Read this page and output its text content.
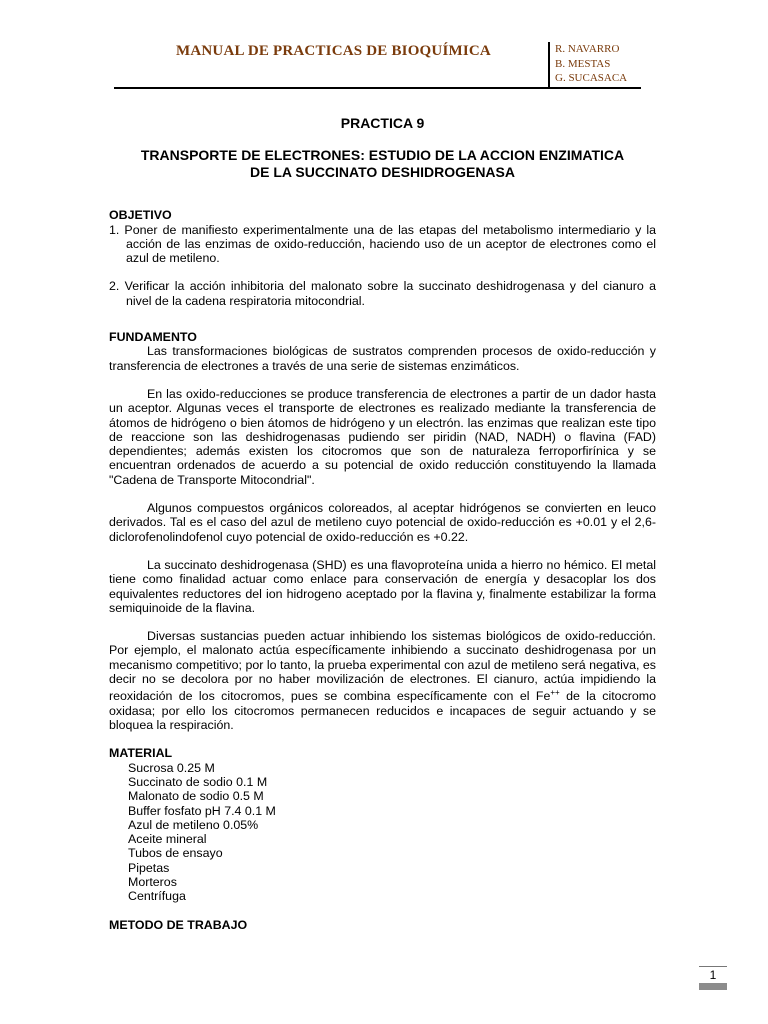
MANUAL DE PRACTICAS DE BIOQUÍMICA	R. NAVARRO
B. MESTAS
G. SUCASACA
PRACTICA 9
TRANSPORTE DE ELECTRONES: ESTUDIO DE LA ACCION ENZIMATICA
DE LA SUCCINATO DESHIDROGENASA
OBJETIVO

1. Poner de manifiesto experimentalmente una de las etapas del metabolismo intermediario y la acción de las enzimas de oxido-reducción, haciendo uso de un aceptor de electrones como el azul de metileno.

2. Verificar la acción inhibitoria del malonato sobre la succinato deshidrogenasa y del cianuro a nivel de la cadena respiratoria mitocondrial.

FUNDAMENTO

Las transformaciones biológicas de sustratos comprenden procesos de oxido-reducción y transferencia de electrones a través de una serie de sistemas enzimáticos.

En las oxido-reducciones se produce transferencia de electrones a partir de un dador hasta un aceptor. Algunas veces el transporte de electrones es realizado mediante la transferencia de átomos de hidrógeno o bien átomos de hidrógeno y un electrón. las enzimas que realizan este tipo de reaccione son las deshidrogenasas pudiendo ser piridin (NAD, NADH) o flavina (FAD) dependientes; además existen los citocromos que son de naturaleza ferroporfirínica y se encuentran ordenados de acuerdo a su potencial de oxido reducción constituyendo la llamada "Cadena de Transporte Mitocondrial".

Algunos compuestos orgánicos coloreados, al aceptar hidrógenos se convierten en leuco derivados. Tal es el caso del azul de metileno cuyo potencial de oxido-reducción es +0.01 y el 2,6-diclorofenolindofenol cuyo potencial de oxido-reducción es +0.22.

La succinato deshidrogenasa (SHD) es una flavoproteína unida a hierro no hémico. El metal tiene como finalidad actuar como enlace para conservación de energía y desacoplar los dos equivalentes reductores del ion hidrogeno aceptado por la flavina y, finalmente estabilizar la forma semiquinoide de la flavina.

Diversas sustancias pueden actuar inhibiendo los sistemas biológicos de oxido-reducción. Por ejemplo, el malonato actúa específicamente inhibiendo a succinato deshidrogenasa por un mecanismo competitivo; por lo tanto, la prueba experimental con azul de metileno será negativa, es decir no se decolora por no haber movilización de electrones. El cianuro, actúa impidiendo la reoxidación de los citocromos, pues se combina específicamente con el Fe++ de la citocromo oxidasa; por ello los citocromos permanecen reducidos e incapaces de seguir actuando y se bloquea la respiración.

MATERIAL
Sucrosa 0.25 M
Succinato de sodio 0.1 M
Malonato de sodio 0.5 M
Buffer fosfato pH 7.4 0.1 M
Azul de metileno 0.05%
Aceite mineral
Tubos de ensayo
Pipetas
Morteros
Centrífuga
METODO DE TRABAJO
1
